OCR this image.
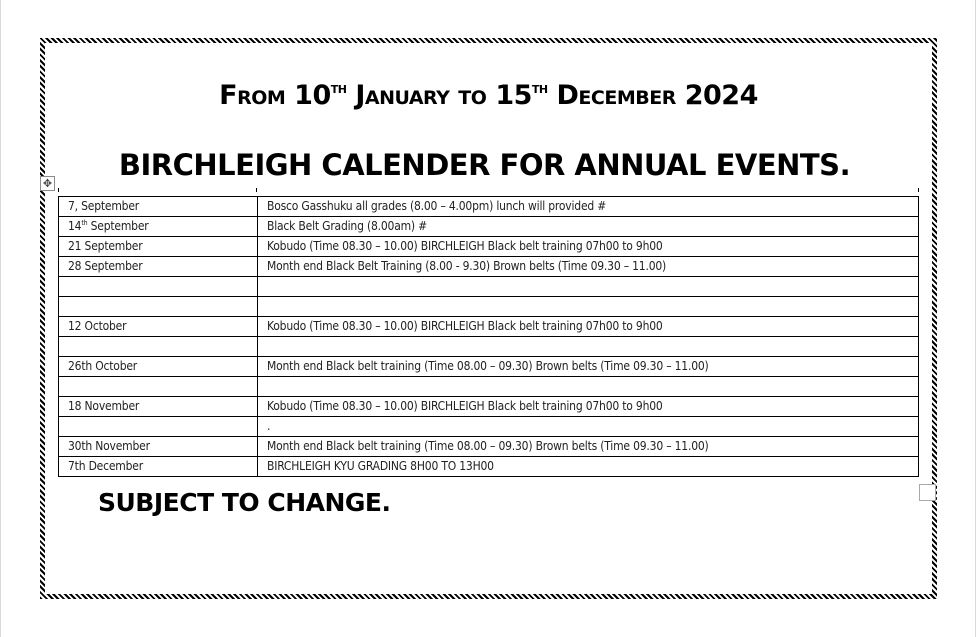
From 10th January to 15th December 2024
BIRCHLEIGH CALENDER FOR ANNUAL EVENTS.
✥
7, September	Bosco Gasshuku all grades (8.00 – 4.00pm) lunch will provided #
14th September	Black Belt Grading (8.00am) #
21 September	Kobudo (Time 08.30 – 10.00) BIRCHLEIGH Black belt training 07h00 to 9h00
28 September	Month end Black Belt Training (8.00 - 9.30) Brown belts (Time 09.30 – 11.00)

12 October	Kobudo (Time 08.30 – 10.00) BIRCHLEIGH Black belt training 07h00 to 9h00

26th October	Month end Black belt training (Time 08.00 – 09.30) Brown belts (Time 09.30 – 11.00)

18 November	Kobudo (Time 08.30 – 10.00) BIRCHLEIGH Black belt training 07h00 to 9h00
	.
30th November	Month end Black belt training (Time 08.00 – 09.30) Brown belts (Time 09.30 – 11.00)
7th December	BIRCHLEIGH KYU GRADING 8H00 TO 13H00
SUBJECT TO CHANGE.
